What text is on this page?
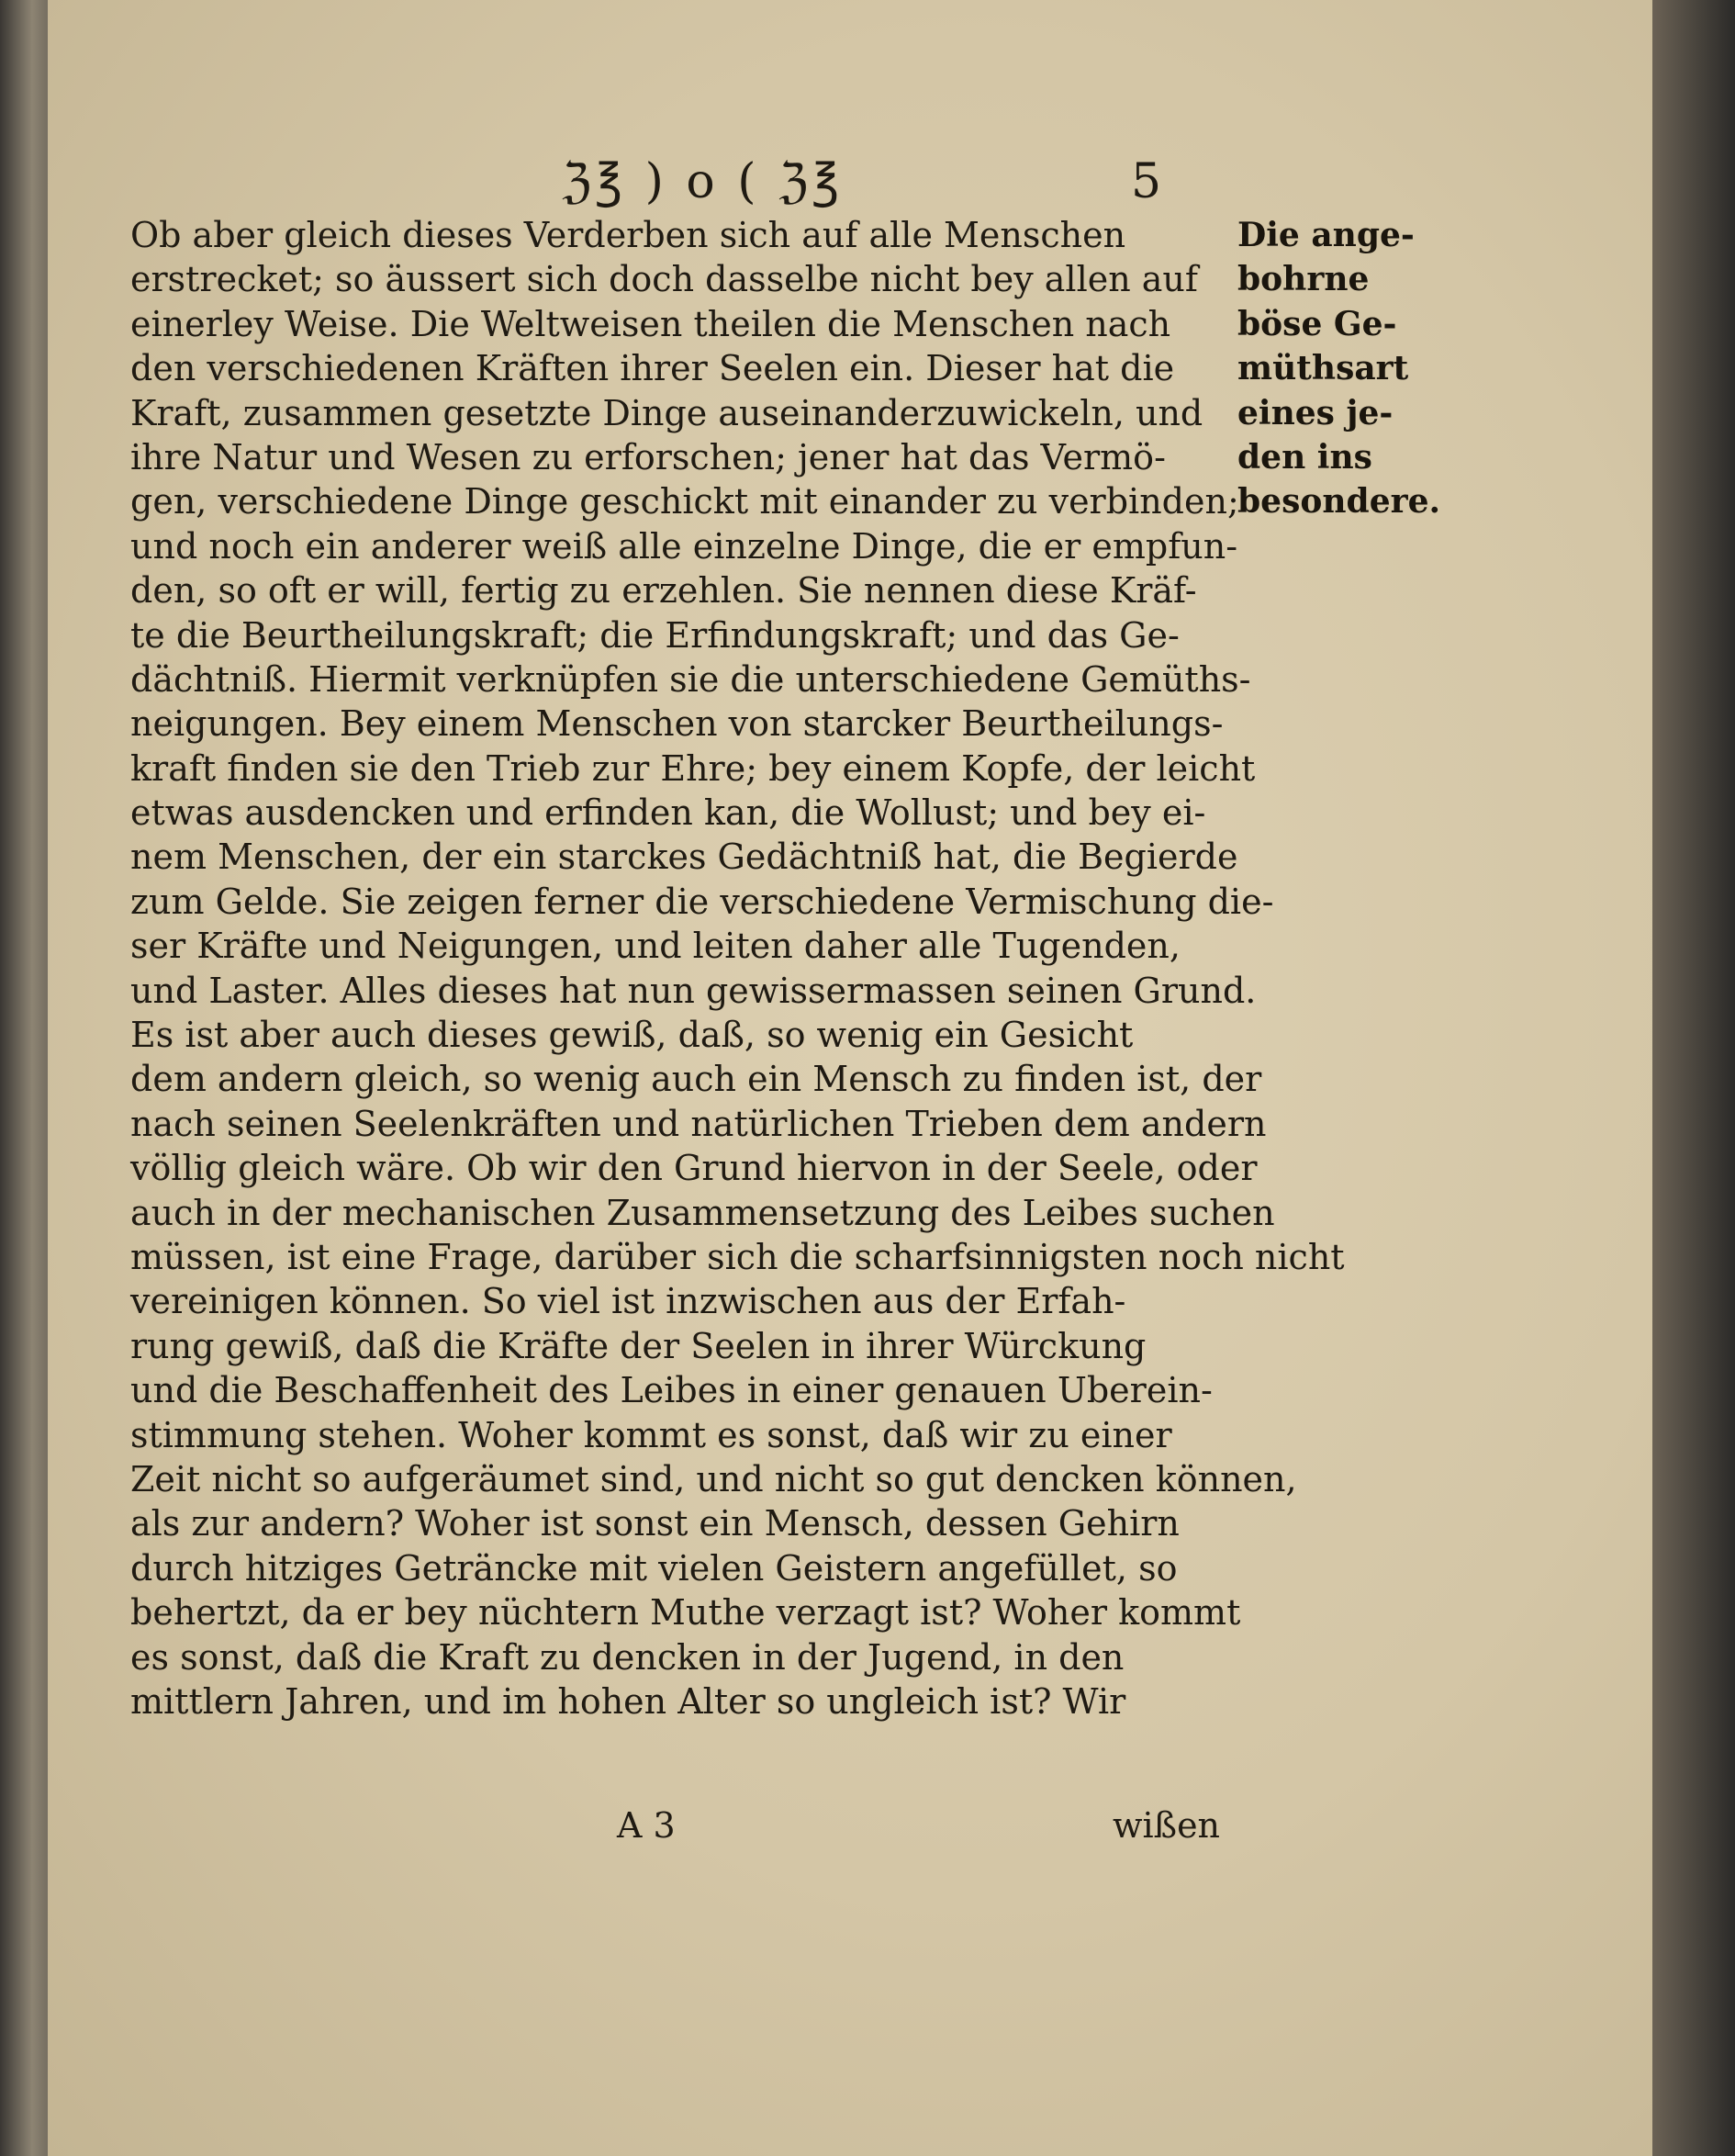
ℨ℥ ) o ( ℨ℥	5
Ob aber gleich dieses Verderben sich auf alle Menschen
erstrecket; so äussert sich doch dasselbe nicht bey allen auf
einerley Weise. Die Weltweisen theilen die Menschen nach
den verschiedenen Kräften ihrer Seelen ein. Dieser hat die
Kraft, zusammen gesetzte Dinge auseinanderzuwickeln, und
ihre Natur und Wesen zu erforschen; jener hat das Vermö-
gen, verschiedene Dinge geschickt mit einander zu verbinden;
und noch ein anderer weiß alle einzelne Dinge, die er empfun-
den, so oft er will, fertig zu erzehlen. Sie nennen diese Kräf-
te die Beurtheilungskraft; die Erfindungskraft; und das Ge-
dächtniß. Hiermit verknüpfen sie die unterschiedene Gemüths-
neigungen. Bey einem Menschen von starcker Beurtheilungs-
kraft finden sie den Trieb zur Ehre; bey einem Kopfe, der leicht
etwas ausdencken und erfinden kan, die Wollust; und bey ei-
nem Menschen, der ein starckes Gedächtniß hat, die Begierde
zum Gelde. Sie zeigen ferner die verschiedene Vermischung die-
ser Kräfte und Neigungen, und leiten daher alle Tugenden,
und Laster. Alles dieses hat nun gewissermassen seinen Grund.
Es ist aber auch dieses gewiß, daß, so wenig ein Gesicht
dem andern gleich, so wenig auch ein Mensch zu finden ist, der
nach seinen Seelenkräften und natürlichen Trieben dem andern
völlig gleich wäre. Ob wir den Grund hiervon in der Seele, oder
auch in der mechanischen Zusammensetzung des Leibes suchen
müssen, ist eine Frage, darüber sich die scharfsinnigsten noch nicht
vereinigen können. So viel ist inzwischen aus der Erfah-
rung gewiß, daß die Kräfte der Seelen in ihrer Würckung
und die Beschaffenheit des Leibes in einer genauen Uberein-
stimmung stehen. Woher kommt es sonst, daß wir zu einer
Zeit nicht so aufgeräumet sind, und nicht so gut dencken können,
als zur andern? Woher ist sonst ein Mensch, dessen Gehirn
durch hitziges Geträncke mit vielen Geistern angefüllet, so
behertzt, da er bey nüchtern Muthe verzagt ist? Woher kommt
es sonst, daß die Kraft zu dencken in der Jugend, in den
mittlern Jahren, und im hohen Alter so ungleich ist? Wir
Die ange-
bohrne
böse Ge-
müthsart
eines je-
den ins
besondere.
A 3	wißen
